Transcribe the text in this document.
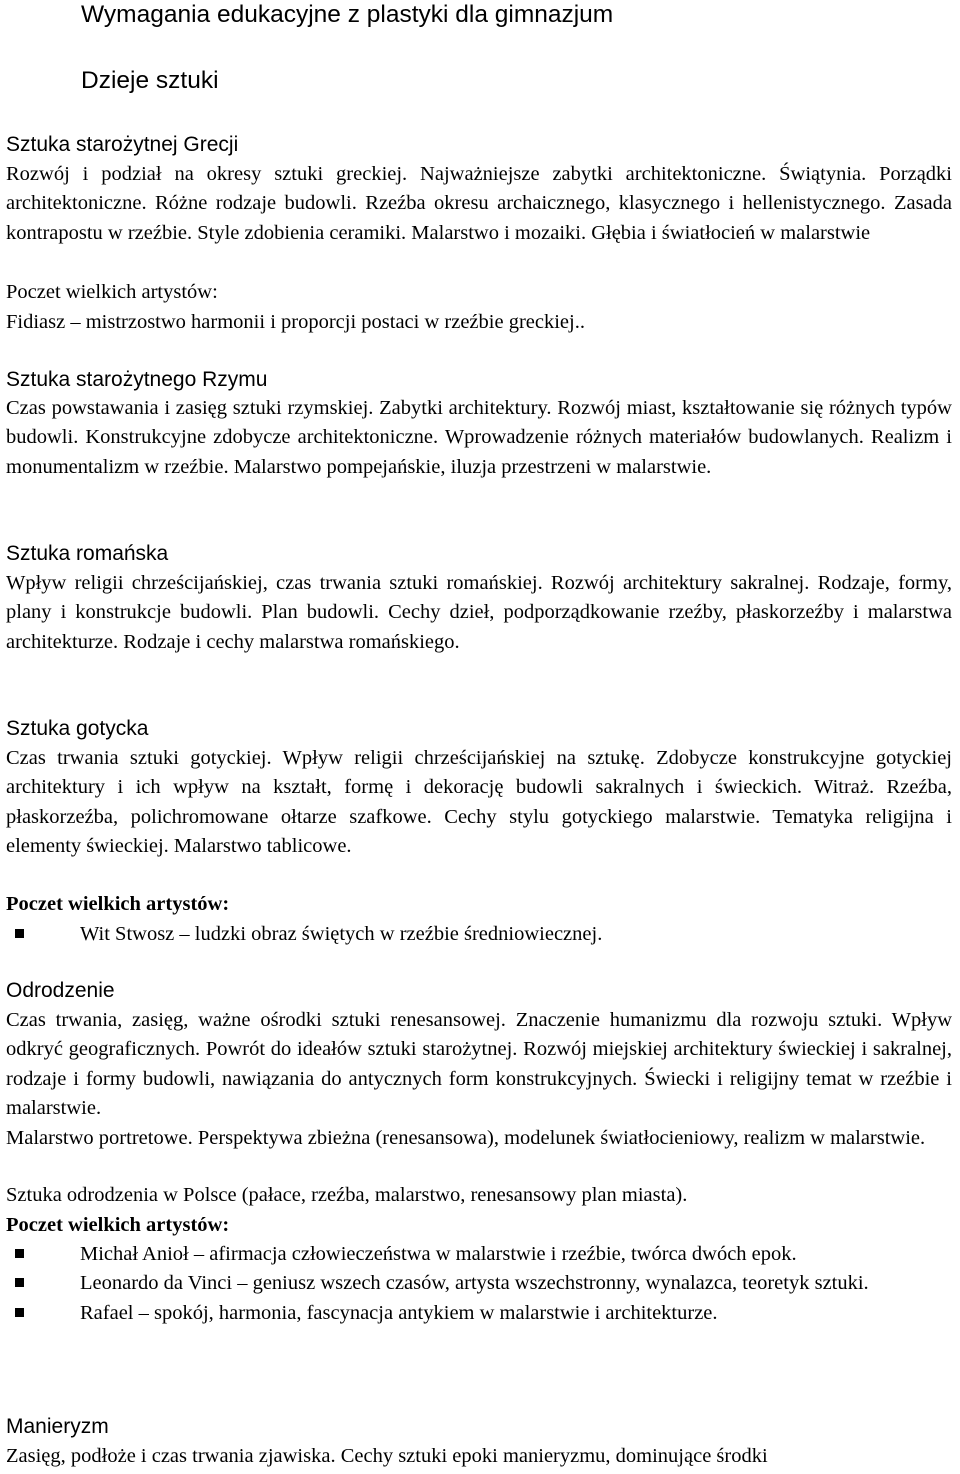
Wymagania edukacyjne z plastyki dla gimnazjum
Dzieje sztuki
Sztuka starożytnej Grecji

Rozwój i podział na okresy sztuki greckiej. Najważniejsze zabytki architektoniczne. Świątynia. Porządki architektoniczne. Różne rodzaje budowli. Rzeźba okresu archaicznego, klasycznego i hellenistycznego. Zasada kontrapostu w rzeźbie. Style zdobienia ceramiki. Malarstwo i mozaiki. Głębia i światłocień w malarstwie

Poczet wielkich artystów:
Fidiasz – mistrzostwo harmonii i proporcji postaci w rzeźbie greckiej..
Sztuka starożytnego Rzymu

Czas powstawania i zasięg sztuki rzymskiej. Zabytki architektury. Rozwój miast, kształtowanie się różnych typów budowli. Konstrukcyjne zdobycze architektoniczne. Wprowadzenie różnych materiałów budowlanych. Realizm i monumentalizm w rzeźbie. Malarstwo pompejańskie, iluzja przestrzeni w malarstwie.

Sztuka romańska

Wpływ religii chrześcijańskiej, czas trwania sztuki romańskiej. Rozwój architektury sakralnej. Rodzaje, formy, plany i konstrukcje budowli. Plan budowli. Cechy dzieł, podporządkowanie rzeźby, płaskorzeźby i malarstwa architekturze. Rodzaje i cechy malarstwa romańskiego.

Sztuka gotycka

Czas trwania sztuki gotyckiej. Wpływ religii chrześcijańskiej na sztukę. Zdobycze konstrukcyjne gotyckiej architektury i ich wpływ na kształt, formę i dekorację budowli sakralnych i świeckich. Witraż. Rzeźba, płaskorzeźba, polichromowane ołtarze szafkowe. Cechy stylu gotyckiego malarstwie. Tematyka religijna i elementy świeckiej. Malarstwo tablicowe.

Poczet wielkich artystów:
Wit Stwosz – ludzki obraz świętych w rzeźbie średniowiecznej.
Odrodzenie

Czas trwania, zasięg, ważne ośrodki sztuki renesansowej. Znaczenie humanizmu dla rozwoju sztuki. Wpływ odkryć geograficznych. Powrót do ideałów sztuki starożytnej. Rozwój miejskiej architektury świeckiej i sakralnej, rodzaje i formy budowli, nawiązania do antycznych form konstrukcyjnych. Świecki i religijny temat w rzeźbie i malarstwie.

Malarstwo portretowe. Perspektywa zbieżna (renesansowa), modelunek światłocieniowy, realizm w malarstwie.

Sztuka odrodzenia w Polsce (pałace, rzeźba, malarstwo, renesansowy plan miasta).
Poczet wielkich artystów:
Michał Anioł – afirmacja człowieczeństwa w malarstwie i rzeźbie, twórca dwóch epok.
Leonardo da Vinci – geniusz wszech czasów, artysta wszechstronny, wynalazca, teoretyk sztuki.
Rafael – spokój, harmonia, fascynacja antykiem w malarstwie i architekturze.
Manieryzm
Zasięg, podłoże i czas trwania zjawiska. Cechy sztuki epoki manieryzmu, dominujące środki
